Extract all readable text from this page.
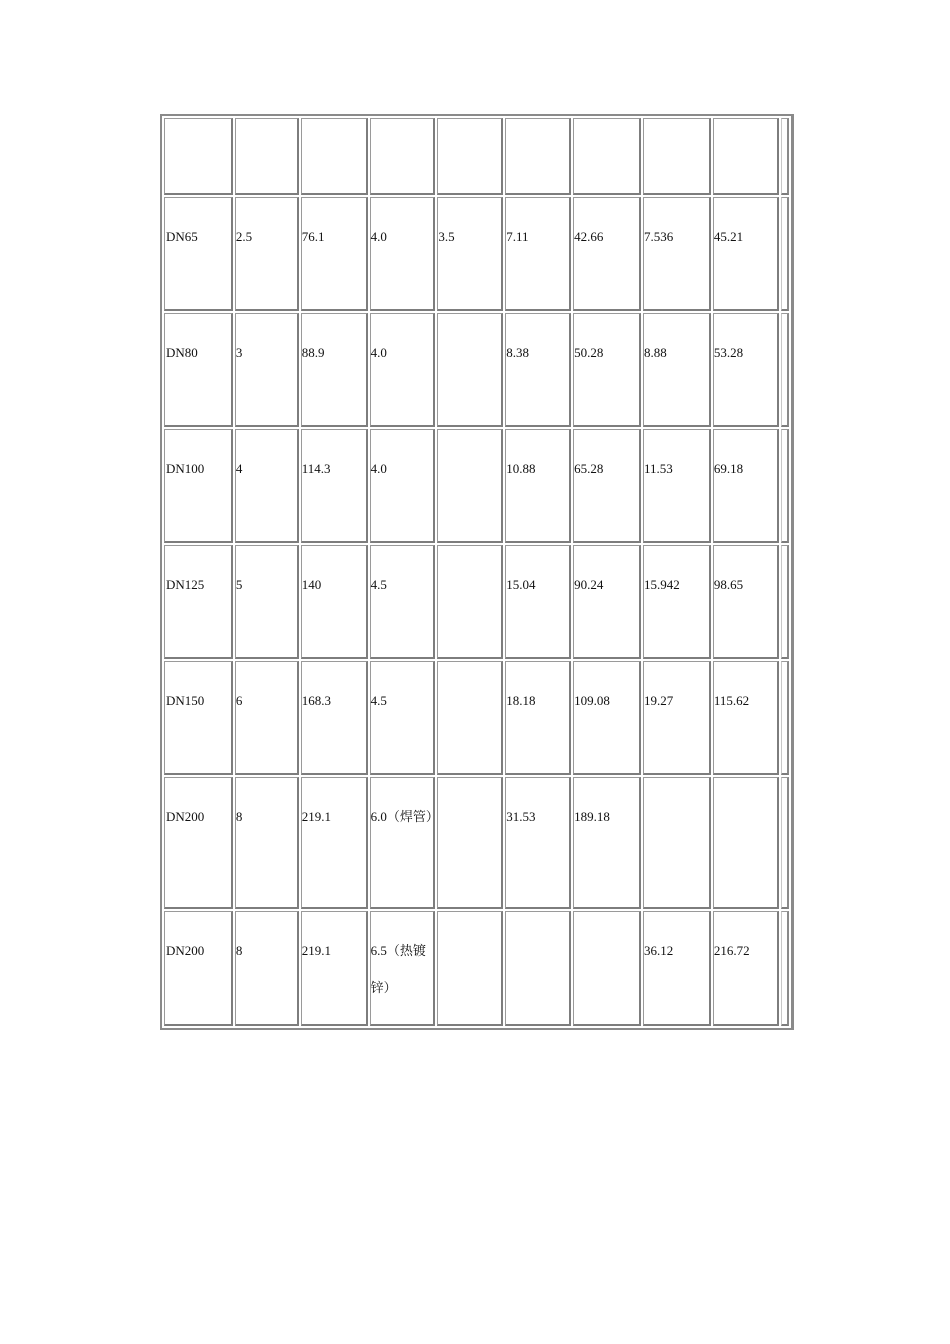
DN65	2.5	76.1	4.0	3.5	7.11	42.66	7.536	45.21	
DN80	3	88.9	4.0		8.38	50.28	8.88	53.28	
DN100	4	114.3	4.0		10.88	65.28	11.53	69.18	
DN125	5	140	4.5		15.04	90.24	15.942	98.65	
DN150	6	168.3	4.5		18.18	109.08	19.27	115.62	
DN200	8	219.1	6.0（焊管）		31.53	189.18			
DN200	8	219.1	6.5（热镀锌）				36.12	216.72	
